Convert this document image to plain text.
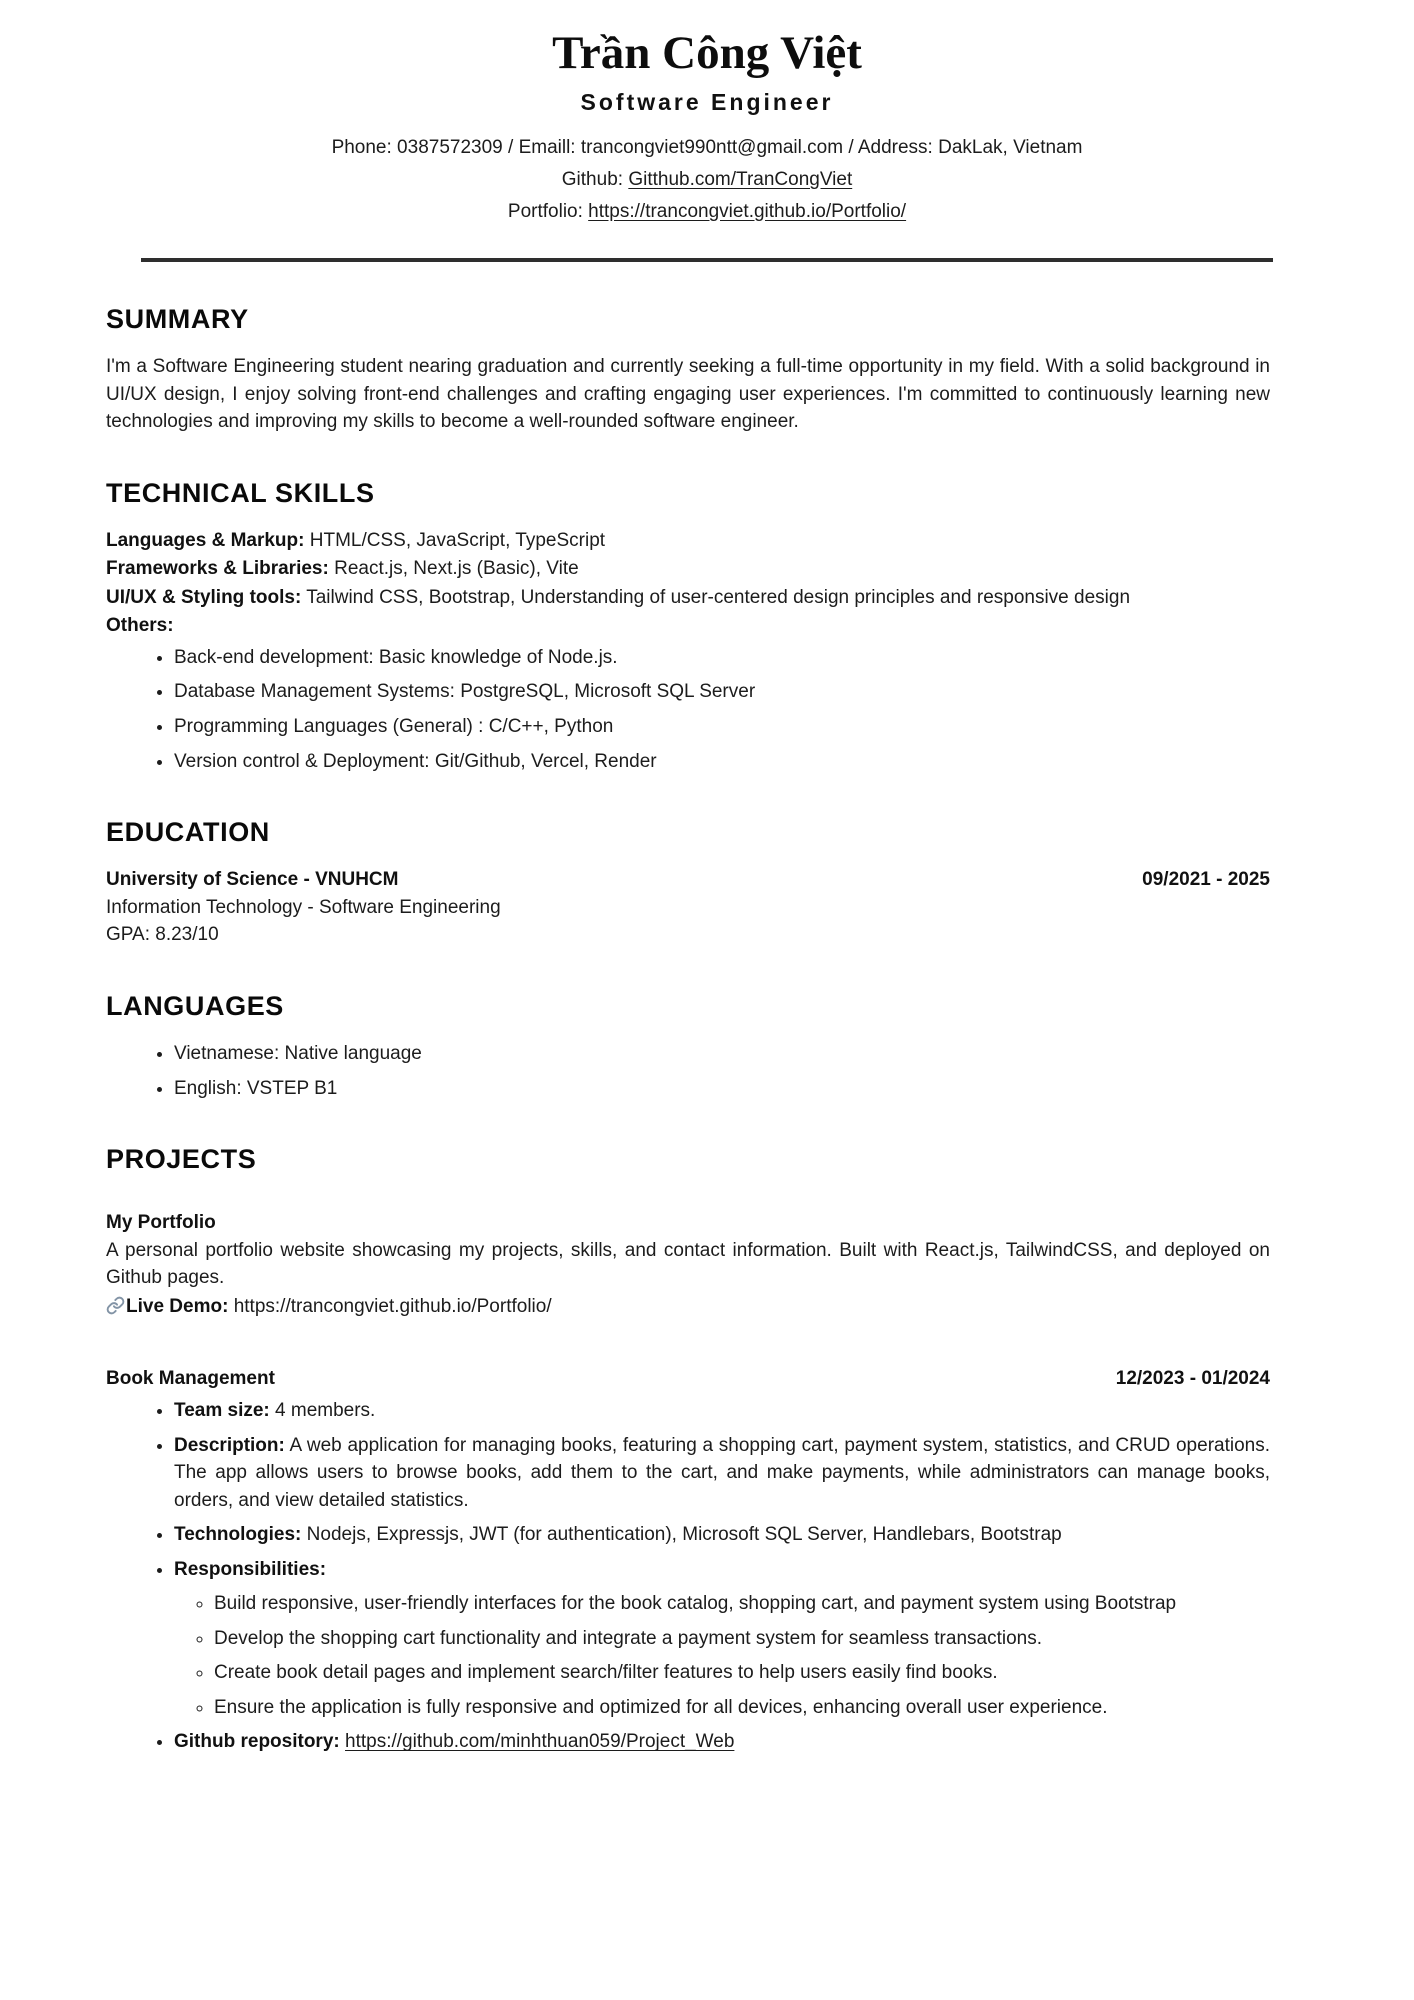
Trần Công Việt
Software Engineer
Phone: 0387572309 / Emaill: trancongviet990ntt@gmail.com / Address: DakLak, Vietnam
Github: Gitthub.com/TranCongViet
Portfolio: https://trancongviet.github.io/Portfolio/
SUMMARY

I'm a Software Engineering student nearing graduation and currently seeking a full-time opportunity in my field. With a solid background in UI/UX design, I enjoy solving front-end challenges and crafting engaging user experiences. I'm committed to continuously learning new technologies and improving my skills to become a well-rounded software engineer.

TECHNICAL SKILLS
Languages & Markup: HTML/CSS, JavaScript, TypeScript
Frameworks & Libraries: React.js, Next.js (Basic), Vite
UI/UX & Styling tools: Tailwind CSS, Bootstrap, Understanding of user-centered design principles and responsive design
Others:
• Back-end development: Basic knowledge of Node.js.
• Database Management Systems: PostgreSQL, Microsoft SQL Server
• Programming Languages (General) : C/C++, Python
• Version control & Deployment: Git/Github, Vercel, Render
EDUCATION
University of Science - VNUHCM	09/2021 - 2025

Information Technology - Software Engineering

GPA: 8.23/10

LANGUAGES
• Vietnamese: Native language
• English: VSTEP B1
PROJECTS
My Portfolio

A personal portfolio website showcasing my projects, skills, and contact information. Built with React.js, TailwindCSS, and deployed on Github pages.

Live Demo: https://trancongviet.github.io/Portfolio/
Book Management	12/2023 - 01/2024
• Team size: 4 members.
• Description: A web application for managing books, featuring a shopping cart, payment system, statistics, and CRUD operations. The app allows users to browse books, add them to the cart, and make payments, while administrators can manage books, orders, and view detailed statistics.
• Technologies: Nodejs, Expressjs, JWT (for authentication), Microsoft SQL Server, Handlebars, Bootstrap
• Responsibilities:
◦ Build responsive, user-friendly interfaces for the book catalog, shopping cart, and payment system using Bootstrap
◦ Develop the shopping cart functionality and integrate a payment system for seamless transactions.
◦ Create book detail pages and implement search/filter features to help users easily find books.
◦ Ensure the application is fully responsive and optimized for all devices, enhancing overall user experience.
• Github repository: https://github.com/minhthuan059/Project_Web
